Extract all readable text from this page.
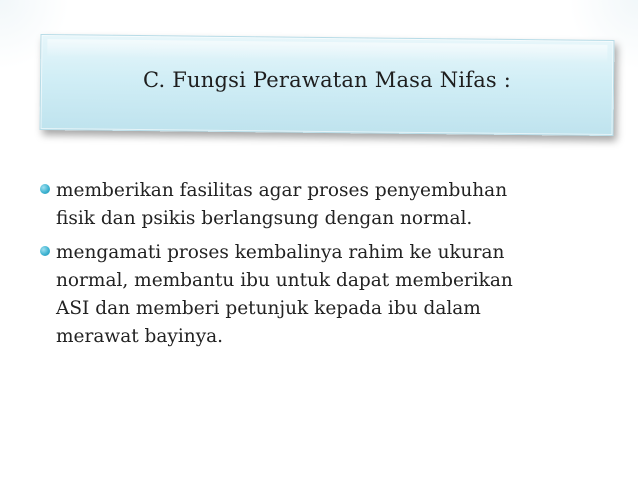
C. Fungsi Perawatan Masa Nifas :
memberikan fasilitas agar proses penyembuhan
fisik dan psikis berlangsung dengan normal.
mengamati proses kembalinya rahim ke ukuran
normal, membantu ibu untuk dapat memberikan
ASI dan memberi petunjuk kepada ibu dalam
merawat bayinya.
